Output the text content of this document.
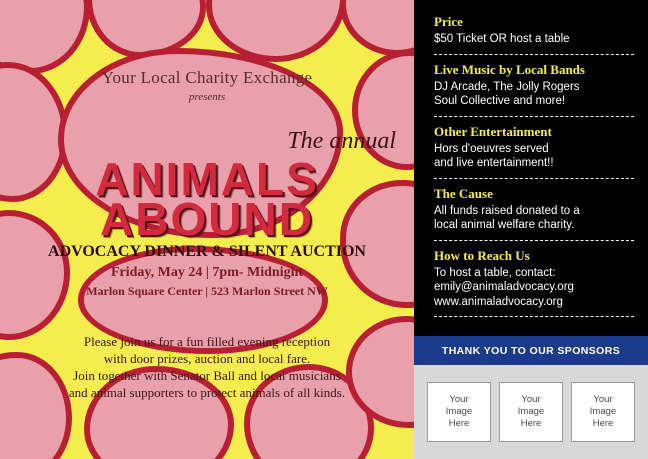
Your Local Charity Exchange
presents
The annual
ANIMALS
ABOUND
ADVOCACY DINNER & SILENT AUCTION
Friday, May 24 | 7pm- Midnight
Marlon Square Center | 523 Marlon Street NW
Please join us for a fun filled evening reception
with door prizes, auction and local fare.
Join together with Senator Ball and local musicians
and animal supporters to protect animals of all kinds.
Price
$50 Ticket OR host a table
Live Music by Local Bands
DJ Arcade, The Jolly Rogers
Soul Collective and more!
Other Entertainment
Hors d'oeuvres served
and live entertainment!!
The Cause
All funds raised donated to a
local animal welfare charity.
How to Reach Us
To host a table, contact:
emily@animaladvocacy.org
www.animaladvocacy.org
THANK YOU TO OUR SPONSORS
Your
Image
Here
Your
Image
Here
Your
Image
Here
